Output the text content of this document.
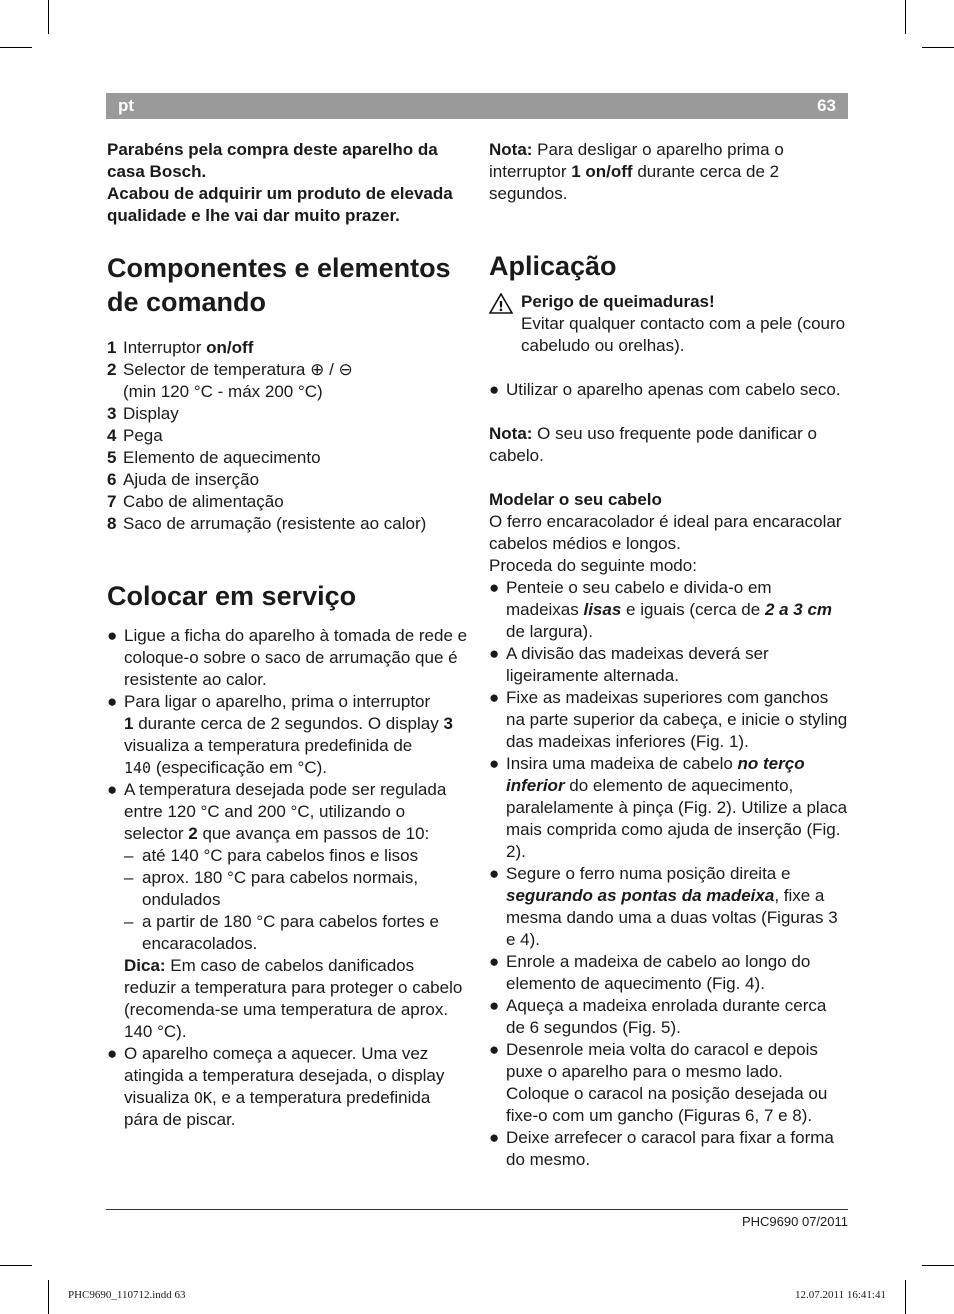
pt	63

Parabéns pela compra deste aparelho da casa Bosch.

Acabou de adquirir um produto de elevada qualidade e lhe vai dar muito prazer.

Componentes e elementos de comando
1 Interruptor on/off
2 Selector de temperatura ⊕ / ⊖
(min 120 °C - máx 200 °C)
3 Display
4 Pega
5 Elemento de aquecimento
6 Ajuda de inserção
7 Cabo de alimentação
8 Saco de arrumação (resistente ao calor)
Colocar em serviço
● Ligue a ficha do aparelho à tomada de rede e coloque-o sobre o saco de arrumação que é resistente ao calor.
● Para ligar o aparelho, prima o interruptor
1 durante cerca de 2 segundos. O display 3 visualiza a temperatura predefinida de
140 (especificação em °C).
● A temperatura desejada pode ser regulada entre 120 °C and 200 °C, utilizando o selector 2 que avança em passos de 10:
– até 140 °C para cabelos finos e lisos
– aprox. 180 °C para cabelos normais, ondulados
– a partir de 180 °C para cabelos fortes e encaracolados.

Dica: Em caso de cabelos danificados reduzir a temperatura para proteger o cabelo (recomenda-se uma temperatura de aprox. 140 °C).

● O aparelho começa a aquecer. Uma vez atingida a temperatura desejada, o display visualiza OK, e a temperatura predefinida pára de piscar.

Nota: Para desligar o aparelho prima o interruptor 1 on/off durante cerca de 2 segundos.

Aplicação
! Perigo de queimaduras!
Evitar qualquer contacto com a pele (couro cabeludo ou orelhas).
● Utilizar o aparelho apenas com cabelo seco.

Nota: O seu uso frequente pode danificar o cabelo.

Modelar o seu cabelo

O ferro encaracolador é ideal para encaracolar cabelos médios e longos.

Proceda do seguinte modo:

● Penteie o seu cabelo e divida-o em madeixas lisas e iguais (cerca de 2 a 3 cm de largura).
● A divisão das madeixas deverá ser ligeiramente alternada.
● Fixe as madeixas superiores com ganchos na parte superior da cabeça, e inicie o styling das madeixas inferiores (Fig. 1).
● Insira uma madeixa de cabelo no terço inferior do elemento de aquecimento, paralelamente à pinça (Fig. 2). Utilize a placa mais comprida como ajuda de inserção (Fig. 2).
● Segure o ferro numa posição direita e segurando as pontas da madeixa, fixe a mesma dando uma a duas voltas (Figuras 3 e 4).
● Enrole a madeixa de cabelo ao longo do elemento de aquecimento (Fig. 4).
● Aqueça a madeixa enrolada durante cerca de 6 segundos (Fig. 5).
● Desenrole meia volta do caracol e depois puxe o aparelho para o mesmo lado. Coloque o caracol na posição desejada ou fixe-o com um gancho (Figuras 6, 7 e 8).
● Deixe arrefecer o caracol para fixar a forma do mesmo.
PHC9690 07/2011
PHC9690_110712.indd 63	12.07.2011 16:41:41
